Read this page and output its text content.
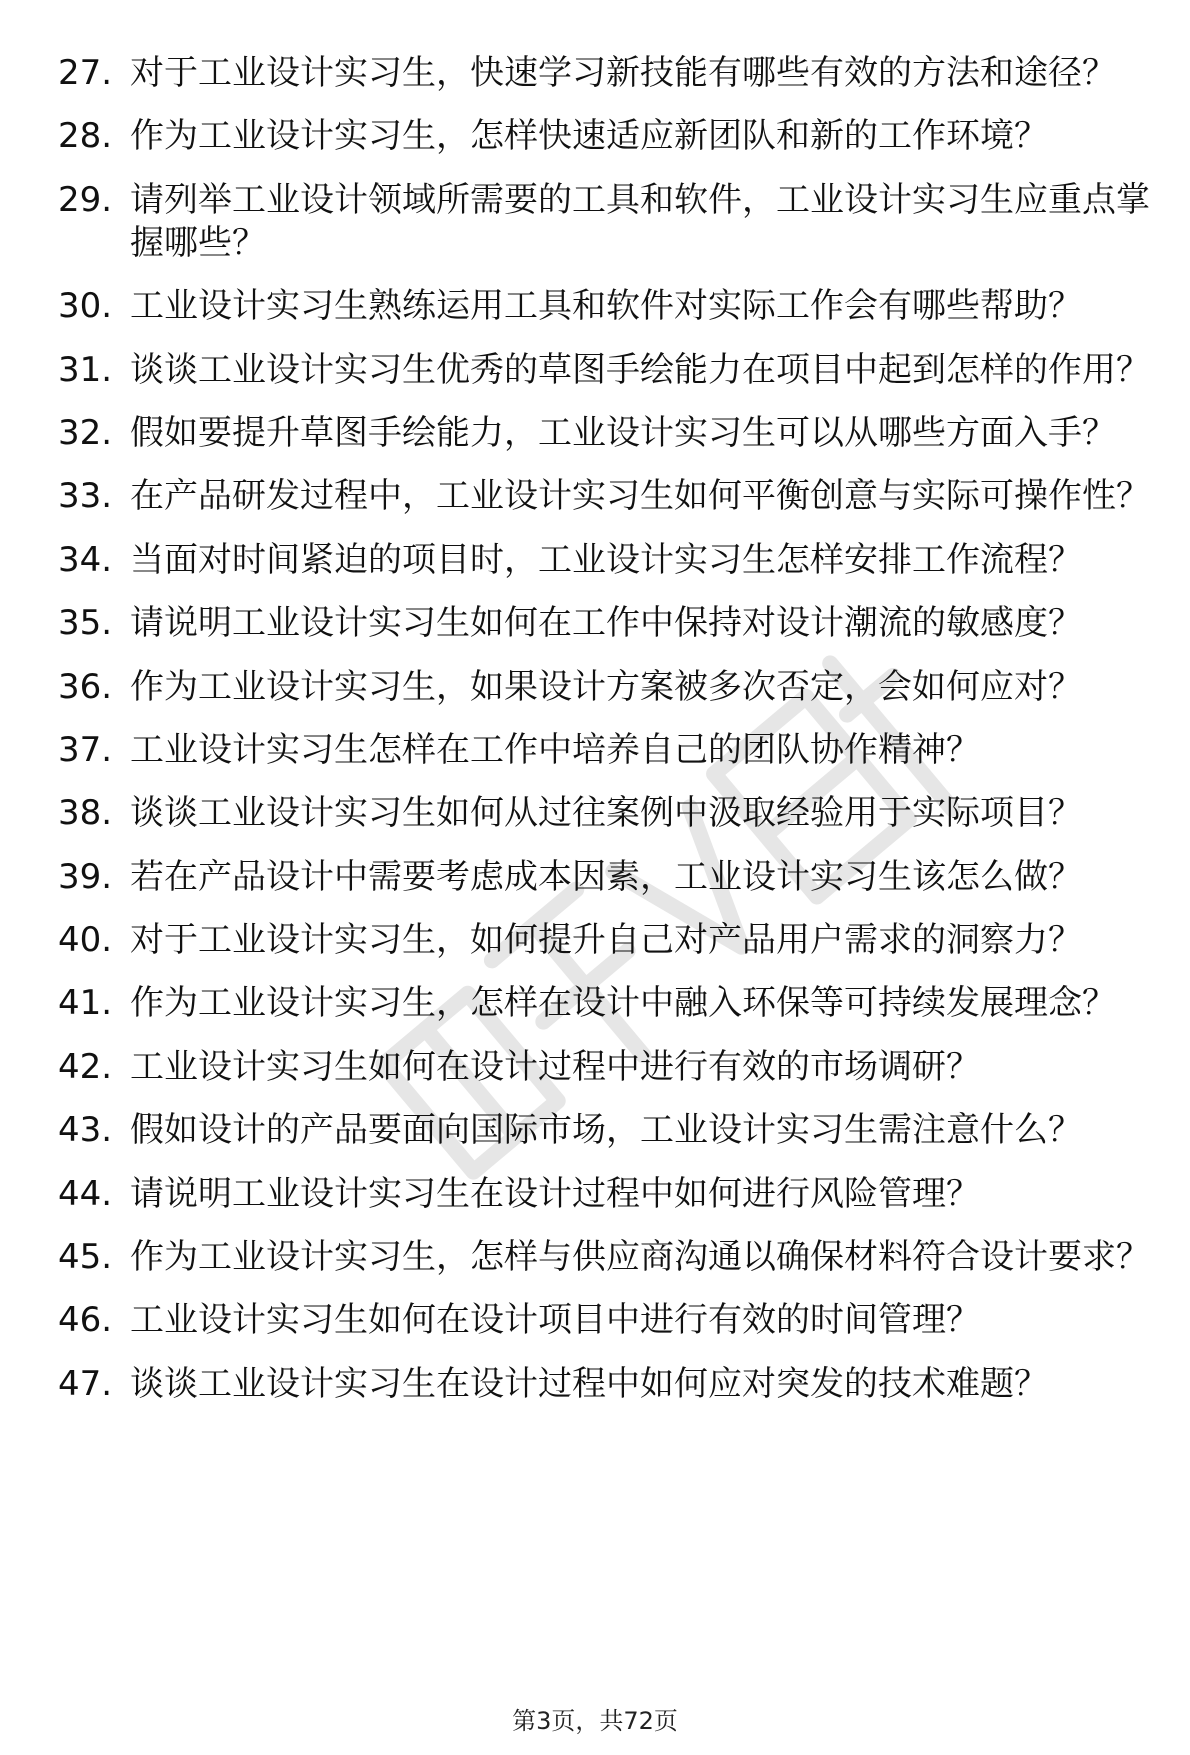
27. 对于工业设计实习生，快速学习新技能有哪些有效的方法和途径？
28. 作为工业设计实习生，怎样快速适应新团队和新的工作环境？
29. 请列举工业设计领域所需要的工具和软件，工业设计实习生应重点掌握哪些？
30. 工业设计实习生熟练运用工具和软件对实际工作会有哪些帮助？
31. 谈谈工业设计实习生优秀的草图手绘能力在项目中起到怎样的作用？
32. 假如要提升草图手绘能力，工业设计实习生可以从哪些方面入手？
33. 在产品研发过程中，工业设计实习生如何平衡创意与实际可操作性？
34. 当面对时间紧迫的项目时，工业设计实习生怎样安排工作流程？
35. 请说明工业设计实习生如何在工作中保持对设计潮流的敏感度？
36. 作为工业设计实习生，如果设计方案被多次否定，会如何应对？
37. 工业设计实习生怎样在工作中培养自己的团队协作精神？
38. 谈谈工业设计实习生如何从过往案例中汲取经验用于实际项目？
39. 若在产品设计中需要考虑成本因素，工业设计实习生该怎么做？
40. 对于工业设计实习生，如何提升自己对产品用户需求的洞察力？
41. 作为工业设计实习生，怎样在设计中融入环保等可持续发展理念？
42. 工业设计实习生如何在设计过程中进行有效的市场调研？
43. 假如设计的产品要面向国际市场，工业设计实习生需注意什么？
44. 请说明工业设计实习生在设计过程中如何进行风险管理？
45. 作为工业设计实习生，怎样与供应商沟通以确保材料符合设计要求？
46. 工业设计实习生如何在设计项目中进行有效的时间管理？
47. 谈谈工业设计实习生在设计过程中如何应对突发的技术难题？
第3页，共72页
